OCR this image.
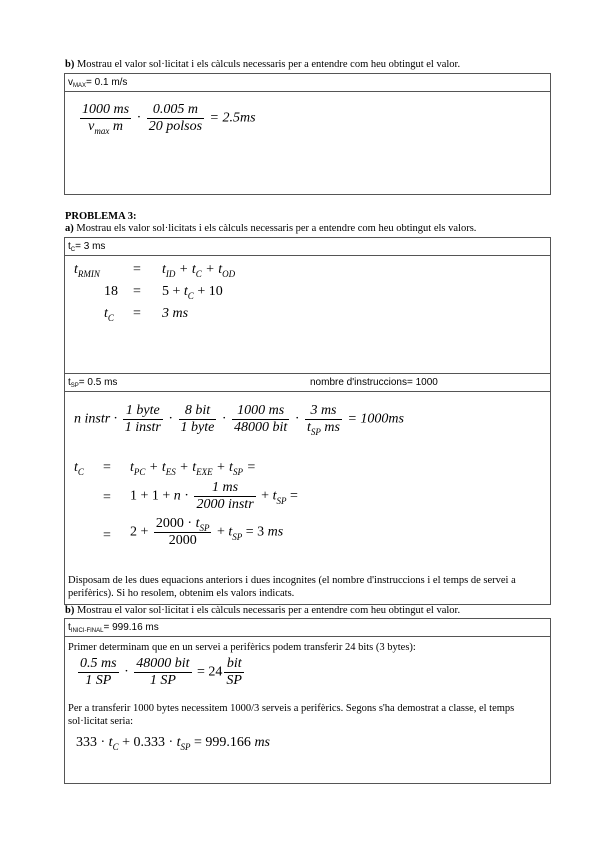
b) Mostrau el valor sol·licitat i els càlculs necessaris per a entendre com heu obtingut el valor.
$v_{MAX}= 0.1$ m/s
$\frac{1000 ms}{v_{max} m} \cdot \frac{0.005 m}{\text{20 polsos}} = 2.5ms$
PROBLEMA 3:
a) Mostrau els valor sol·licitats i els càlculs necessaris per a entendre com heu obtingut els valors.
$t_C= 3$ ms
$t_{RMIN} = t_{ID} + t_C + t_{OD}$
$18 = 5 + t_C + 10$
$t_C = 3$ ms
$t_{SP}= 0.5$ ms	nombre d'instruccions= 1000
n instr · $\frac{\text{1 byte}}{\text{1 instr}} \cdot \frac{\text{8 bit}}{\text{1 byte}} \cdot \frac{1000 ms}{\text{48000 bit}} \cdot \frac{3 ms}{t_{SP} ms} = 1000ms$
$t_C = t_{PC} + t_{ES} + t_{EXE} + t_{SP}$ =
= $1 + 1 + n \cdot \frac{1 ms}{\text{2000 instr}} + t_{SP}$ =
= $2 + \frac{2000 \cdot t_{SP}}{2000} + t_{SP} = 3$ ms
Disposam de les dues equacions anteriors i dues incognites (el nombre d'instruccions i el temps de servei a perifèrics). Si ho resolem, obtenim els valors indicats.
b) Mostrau el valor sol·licitat i els càlculs necessaris per a entendre com heu obtingut el valor.
$t_{INICI-FINAL}= 999.16$ ms
Primer determinam que en un servei a perifèrics podem transferir 24 bits (3 bytes):
$\frac{0.5 ms}{1 SP} \cdot \frac{\text{48000 bit}}{1 SP} = 24 \frac{\text{bit}}{SP}$
Per a transferir 1000 bytes necessitem 1000/3 serveis a perifèrics. Segons s'ha demostrat a classe, el temps sol·licitat seria:
$333 \cdot t_C + 0.333 \cdot t_{SP} = 999.166$ ms
